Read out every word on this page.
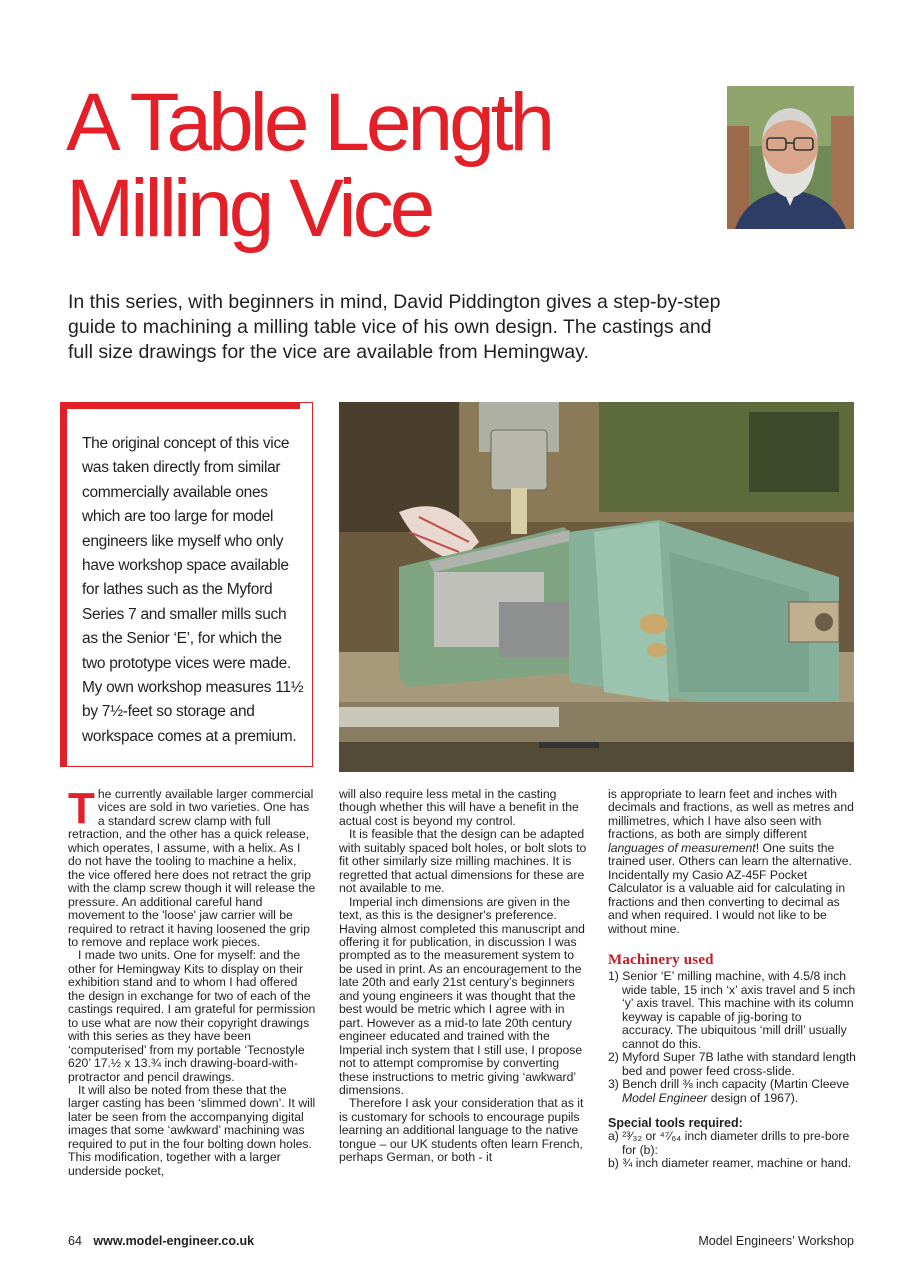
A Table Length
Milling Vice

In this series, with beginners in mind, David Piddington gives a step-by-step guide to machining a milling table vice of his own design. The castings and full size drawings for the vice are available from Hemingway.

The original concept of this vice was taken directly from similar commercially available ones which are too large for model engineers like myself who only have workshop space available for lathes such as the Myford Series 7 and smaller mills such as the Senior ‘E’, for which the two prototype vices were made. My own workshop measures 11½ by 7½-feet so storage and workspace comes at a premium.

The currently available larger commercial vices are sold in two varieties. One has a standard screw clamp with full retraction, and the other has a quick release, which operates, I assume, with a helix. As I do not have the tooling to machine a helix, the vice offered here does not retract the grip with the clamp screw though it will release the pressure. An additional careful hand movement to the 'loose' jaw carrier will be required to retract it having loosened the grip to remove and replace work pieces.

I made two units. One for myself: and the other for Hemingway Kits to display on their exhibition stand and to whom I had offered the design in exchange for two of each of the castings required. I am grateful for permission to use what are now their copyright drawings with this series as they have been ‘computerised’ from my portable ‘Tecnostyle 620’ 17.½ x 13.¾ inch drawing-board-with-protractor and pencil drawings.

It will also be noted from these that the larger casting has been ‘slimmed down’. It will later be seen from the accompanying digital images that some ‘awkward’ machining was required to put in the four bolting down holes. This modification, together with a larger underside pocket,

will also require less metal in the casting though whether this will have a benefit in the actual cost is beyond my control.

It is feasible that the design can be adapted with suitably spaced bolt holes, or bolt slots to fit other similarly size milling machines. It is regretted that actual dimensions for these are not available to me.

Imperial inch dimensions are given in the text, as this is the designer's preference. Having almost completed this manuscript and offering it for publication, in discussion I was prompted as to the measurement system to be used in print. As an encouragement to the late 20th and early 21st century’s beginners and young engineers it was thought that the best would be metric which I agree with in part. However as a mid-to late 20th century engineer educated and trained with the Imperial inch system that I still use, I propose not to attempt compromise by converting these instructions to metric giving ‘awkward’ dimensions.

Therefore I ask your consideration that as it is customary for schools to encourage pupils learning an additional language to the native tongue – our UK students often learn French, perhaps German, or both - it

is appropriate to learn feet and inches with decimals and fractions, as well as metres and millimetres, which I have also seen with fractions, as both are simply different languages of measurement! One suits the trained user. Others can learn the alternative. Incidentally my Casio AZ-45F Pocket Calculator is a valuable aid for calculating in fractions and then converting to decimal as and when required. I would not like to be without mine.

Machinery used
1) Senior ‘E’ milling machine, with 4.5/8 inch wide table, 15 inch ‘x’ axis travel and 5 inch ‘y’ axis travel. This machine with its column keyway is capable of jig-boring to accuracy. The ubiquitous ‘mill drill’ usually cannot do this.
2) Myford Super 7B lathe with standard length bed and power feed cross-slide.
3) Bench drill ⅜ inch capacity (Martin Cleeve Model Engineer design of 1967).
Special tools required:
a) ²³⁄₃₂ or ⁴⁷⁄₆₄ inch diameter drills to pre-bore for (b):
b) ¾ inch diameter reamer, machine or hand.
64 www.model-engineer.co.uk	Model Engineers’ Workshop
